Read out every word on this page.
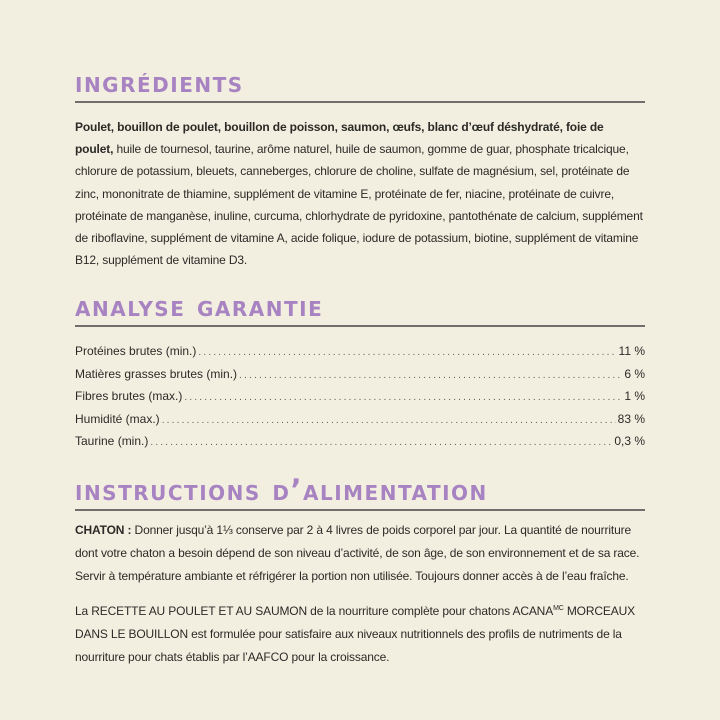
ingrédients

Poulet, bouillon de poulet, bouillon de poisson, saumon, œufs, blanc d’œuf déshydraté, foie de poulet, huile de tournesol, taurine, arôme naturel, huile de saumon, gomme de guar, phosphate tricalcique, chlorure de potassium, bleuets, canneberges, chlorure de choline, sulfate de magnésium, sel, protéinate de zinc, mononitrate de thiamine, supplément de vitamine E, protéinate de fer, niacine, protéinate de cuivre, protéinate de manganèse, inuline, curcuma, chlorhydrate de pyridoxine, pantothénate de calcium, supplément de riboflavine, supplément de vitamine A, acide folique, iodure de potassium, biotine, supplément de vitamine B12, supplément de vitamine D3.

analyse garantie
Protéines brutes (min.) .....	11 %
Matières grasses brutes (min.) .....	6 %
Fibres brutes (max.) .....	1 %
Humidité (max.) .....	83 %
Taurine (min.) .....	0,3 %
instructions d’alimentation

CHATON : Donner jusqu’à 1⅓ conserve par 2 à 4 livres de poids corporel par jour. La quantité de nourriture dont votre chaton a besoin dépend de son niveau d’activité, de son âge, de son environnement et de sa race. Servir à température ambiante et réfrigérer la portion non utilisée. Toujours donner accès à de l’eau fraîche.

La RECETTE AU POULET ET AU SAUMON de la nourriture complète pour chatons $ACANA^{MC}$ MORCEAUX DANS LE BOUILLON est formulée pour satisfaire aux niveaux nutritionnels des profils de nutriments de la nourriture pour chats établis par l’AAFCO pour la croissance.
